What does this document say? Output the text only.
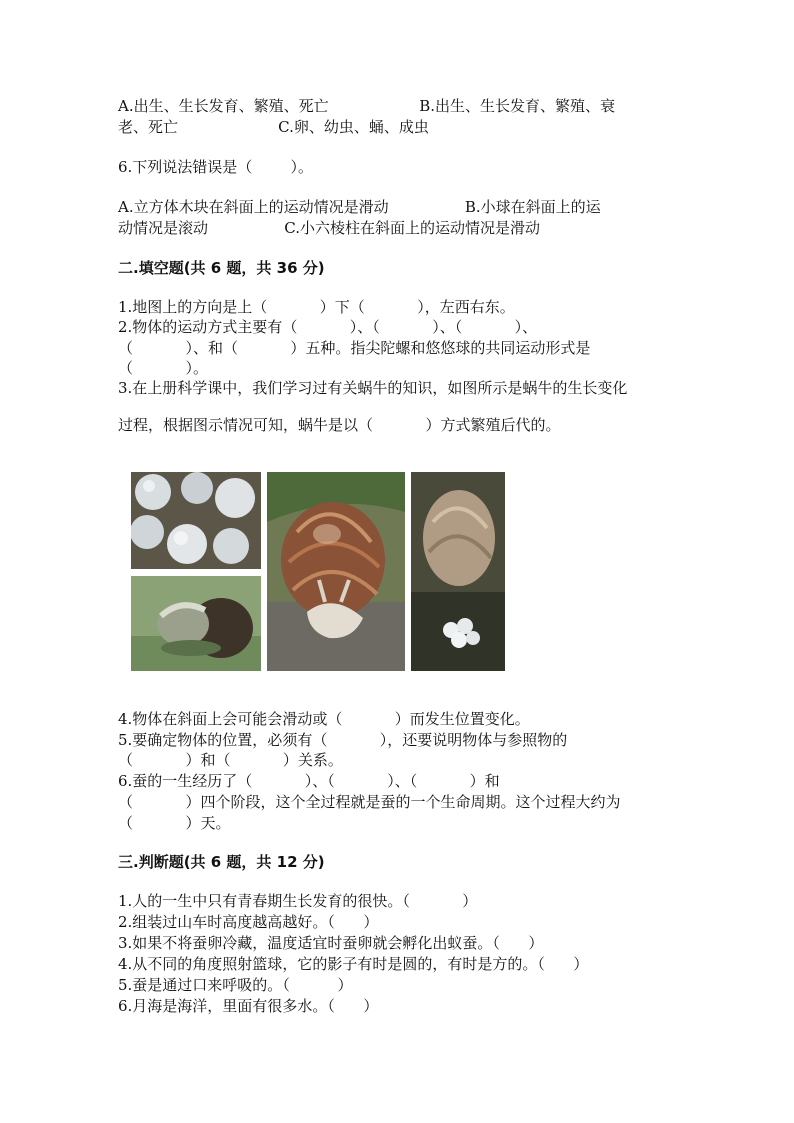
A.出生、生长发育、繁殖、死亡                   B.出生、生长发育、繁殖、衰
老、死亡                     C.卵、幼虫、蛹、成虫
6.下列说法错误是（        ）。
A.立方体木块在斜面上的运动情况是滑动                B.小球在斜面上的运
动情况是滚动                C.小六棱柱在斜面上的运动情况是滑动
二.填空题(共 6 题，共 36 分)
1.地图上的方向是上（           ）下（           ），左西右东。
2.物体的运动方式主要有（           ）、（           ）、（           ）、
（           ）、和（           ）五种。指尖陀螺和悠悠球的共同运动形式是
（           ）。
3.在上册科学课中，我们学习过有关蜗牛的知识，如图所示是蜗牛的生长变化
过程，根据图示情况可知，蜗牛是以（           ）方式繁殖后代的。
4.物体在斜面上会可能会滑动或（           ）而发生位置变化。
5.要确定物体的位置，必须有（           ），还要说明物体与参照物的
（           ）和（           ）关系。
6.蚕的一生经历了（           ）、（           ）、（           ）和
（           ）四个阶段，这个全过程就是蚕的一个生命周期。这个过程大约为
（           ）天。
三.判断题(共 6 题，共 12 分)
1.人的一生中只有青春期生长发育的很快。（           ）
2.组装过山车时高度越高越好。（      ）
3.如果不将蚕卵冷藏，温度适宜时蚕卵就会孵化出蚁蚕。（      ）
4.从不同的角度照射篮球，它的影子有时是圆的，有时是方的。（      ）
5.蚕是通过口来呼吸的。（          ）
6.月海是海洋，里面有很多水。（      ）
